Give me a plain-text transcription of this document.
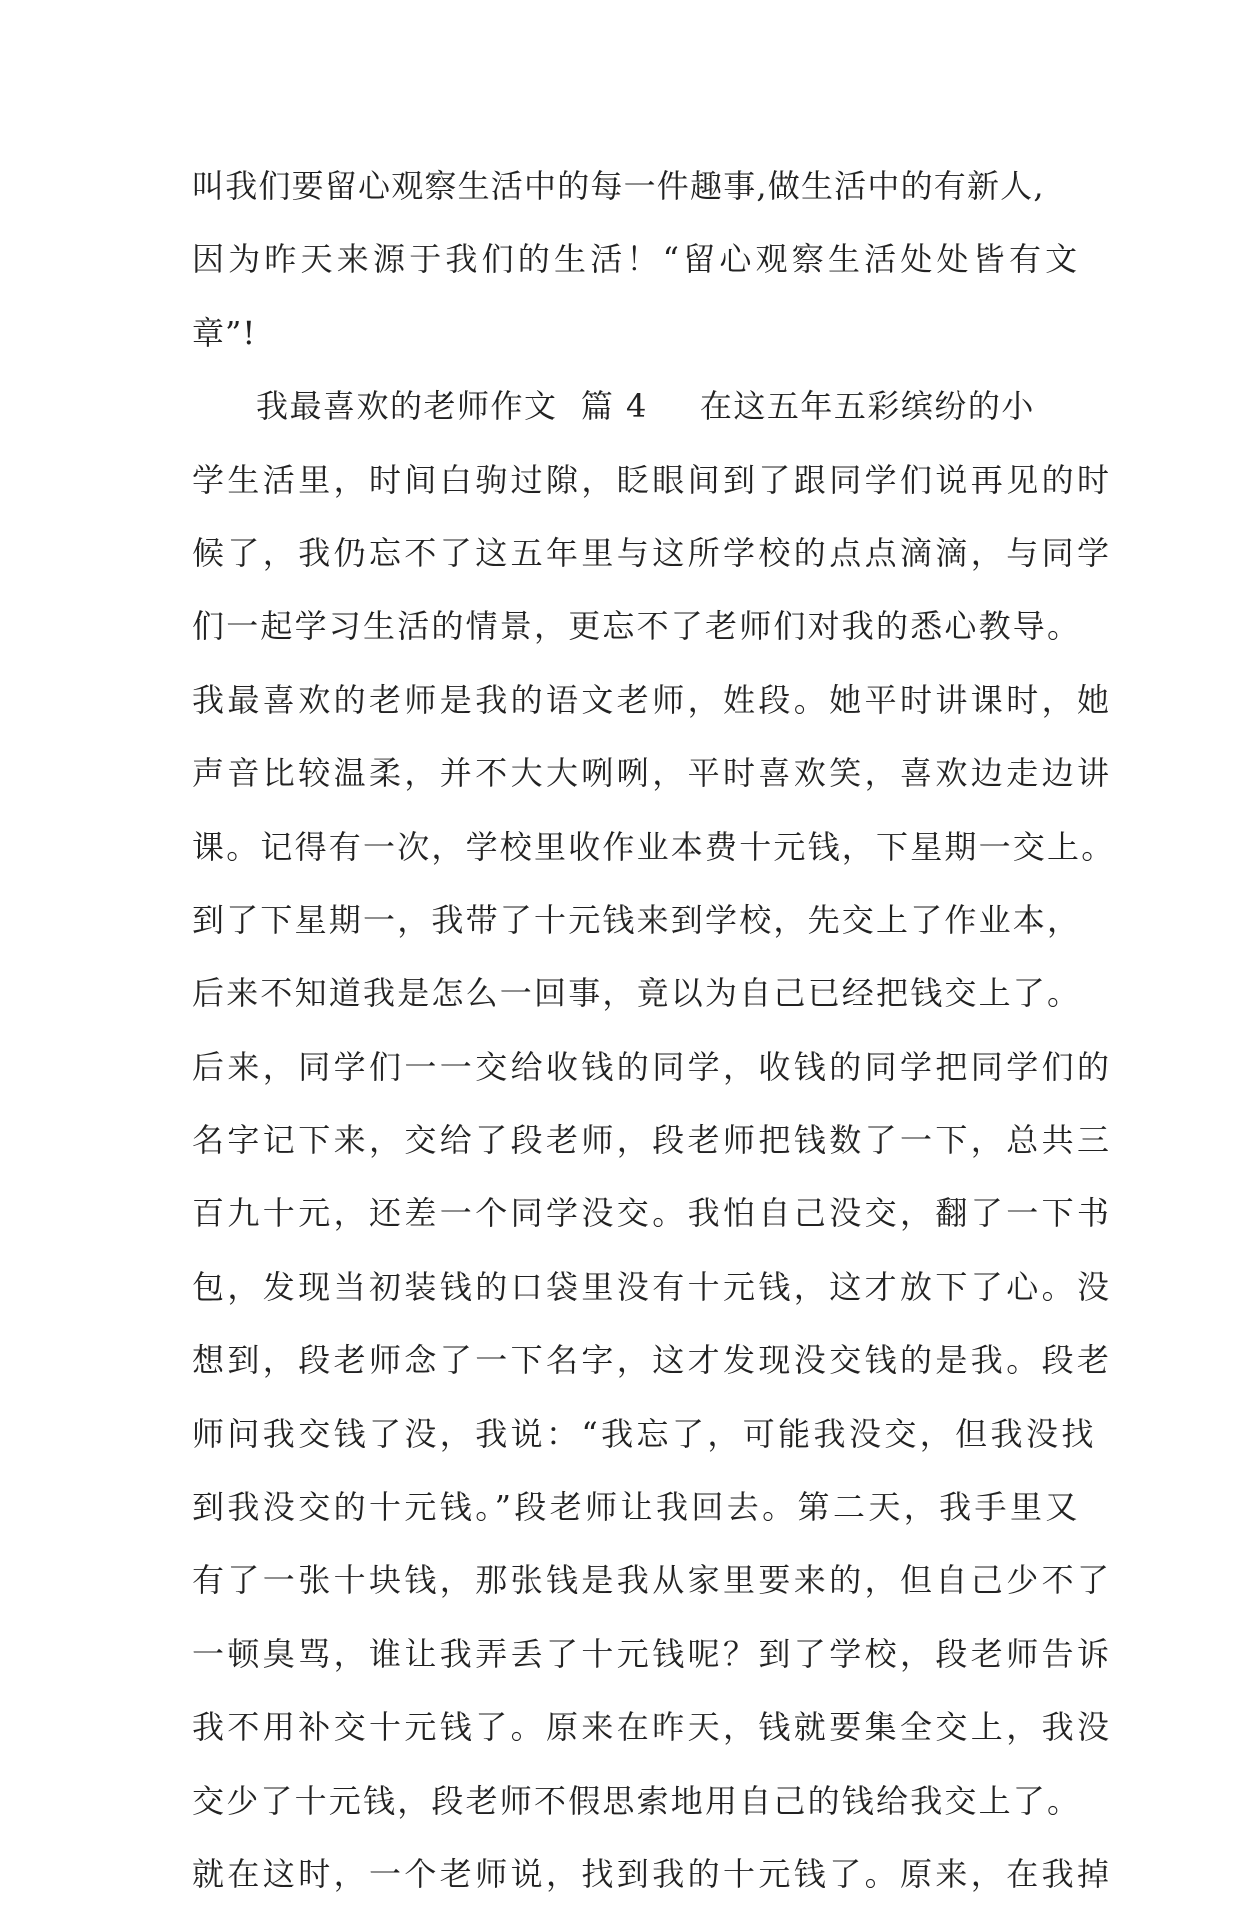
叫我们要留心观察生活中的每一件趣事,做生活中的有新人,
因为昨天来源于我们的生活！“留心观察生活处处皆有文
章”!
我最喜欢的老师作文 篇 4 在这五年五彩缤纷的小
学生活里，时间白驹过隙，眨眼间到了跟同学们说再见的时
候了，我仍忘不了这五年里与这所学校的点点滴滴，与同学
们一起学习生活的情景，更忘不了老师们对我的悉心教导。
我最喜欢的老师是我的语文老师，姓段。她平时讲课时，她
声音比较温柔，并不大大咧咧，平时喜欢笑，喜欢边走边讲
课。记得有一次，学校里收作业本费十元钱，下星期一交上。
到了下星期一，我带了十元钱来到学校，先交上了作业本，
后来不知道我是怎么一回事，竟以为自己已经把钱交上了。
后来，同学们一一交给收钱的同学，收钱的同学把同学们的
名字记下来，交给了段老师，段老师把钱数了一下，总共三
百九十元，还差一个同学没交。我怕自己没交，翻了一下书
包，发现当初装钱的口袋里没有十元钱，这才放下了心。没
想到，段老师念了一下名字，这才发现没交钱的是我。段老
师问我交钱了没，我说：“我忘了，可能我没交，但我没找
到我没交的十元钱。”段老师让我回去。第二天，我手里又
有了一张十块钱，那张钱是我从家里要来的，但自己少不了
一顿臭骂，谁让我弄丢了十元钱呢？到了学校，段老师告诉
我不用补交十元钱了。原来在昨天，钱就要集全交上，我没
交少了十元钱，段老师不假思索地用自己的钱给我交上了。
就在这时，一个老师说，找到我的十元钱了。原来，在我掉
